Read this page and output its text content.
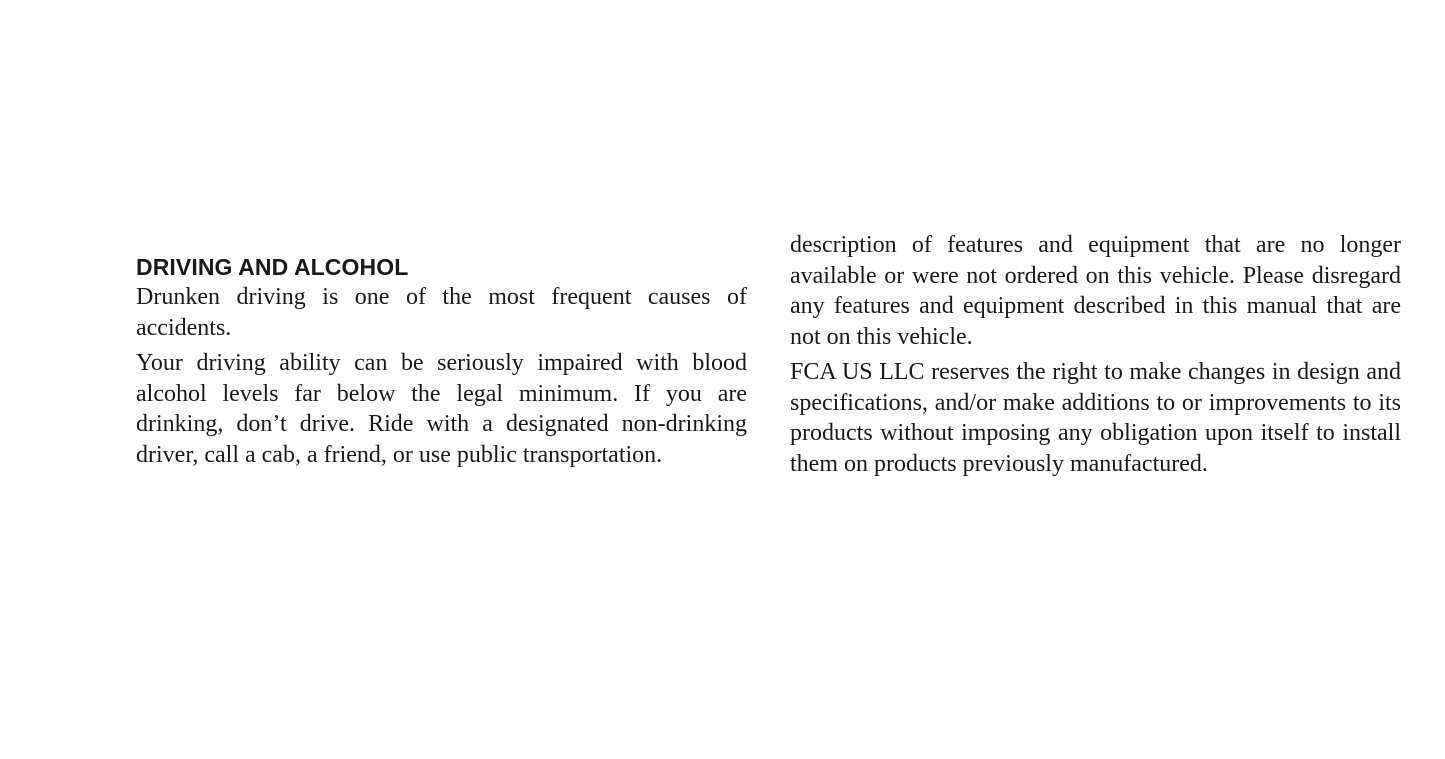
DRIVING AND ALCOHOL

Drunken driving is one of the most frequent causes of accidents.

Your driving ability can be seriously impaired with blood alcohol levels far below the legal minimum. If you are drinking, don’t drive. Ride with a designated non-drinking driver, call a cab, a friend, or use public transportation.

description of features and equipment that are no longer available or were not ordered on this vehicle. Please disregard any features and equipment described in this manual that are not on this vehicle.

FCA US LLC reserves the right to make changes in design and specifications, and/or make additions to or improvements to its products without imposing any obligation upon itself to install them on products previously manufactured.
